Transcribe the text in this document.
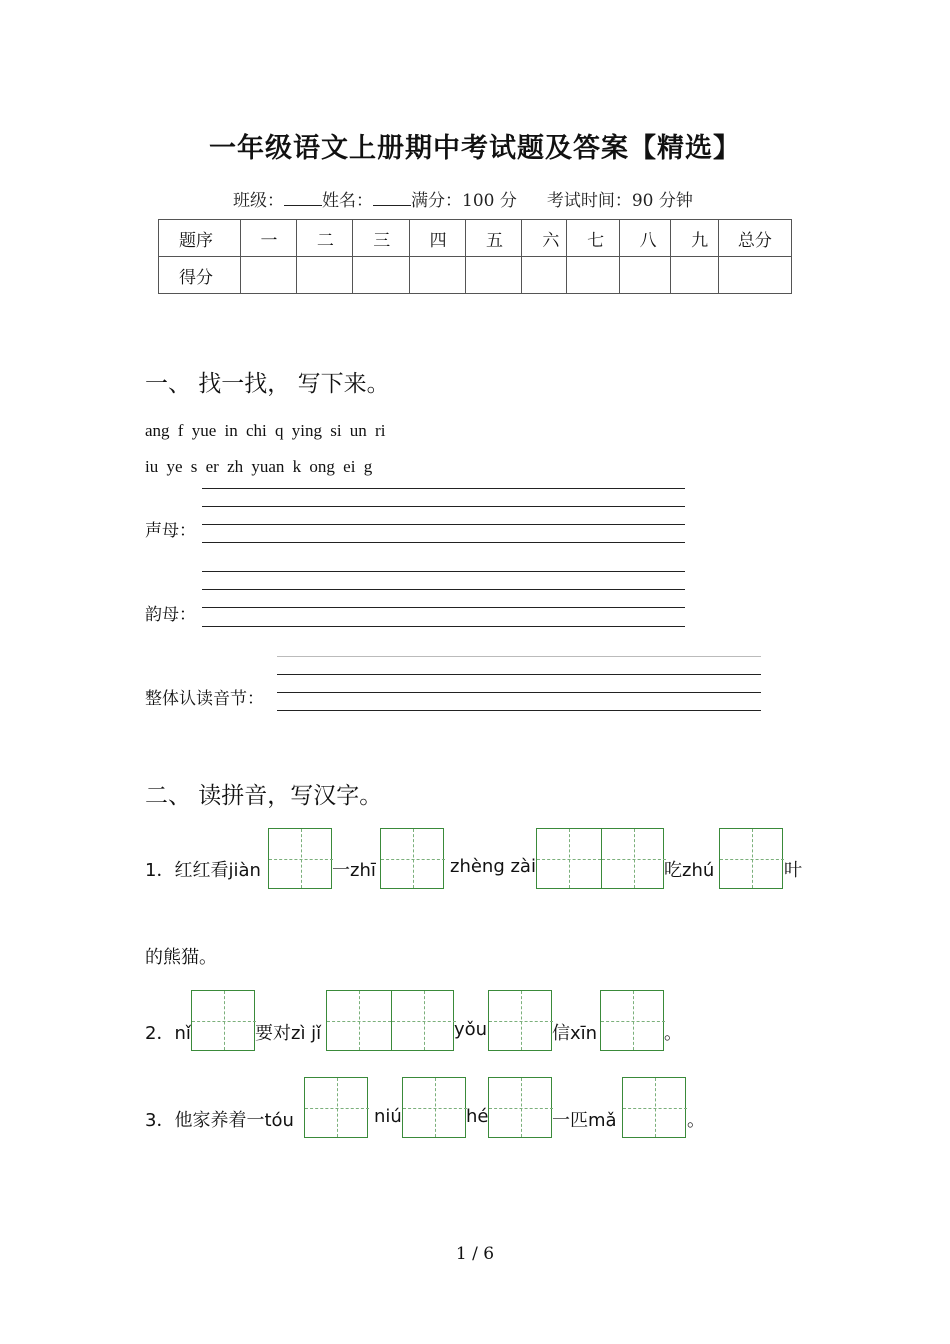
一年级语文上册期中考试题及答案【精选】
班级： 姓名： 满分：100 分 考试时间：90 分钟
题序	一	二	三	四	五	六	七	八	九	总分
得分										
一、 找一找， 写下来。
ang f yue in chi q ying si un ri
iu ye s er zh yuan k ong ei g
声母：
韵母：
整体认读音节：
二、 读拼音，写汉字。
1．红红看jiàn	一zhī	zhèng zài	吃zhú	叶
的熊猫。
2．nǐ	要对zì jǐ	yǒu	信xīn	。
3．他家养着一tóu	niú	hé	一匹mǎ	。
1 / 6
